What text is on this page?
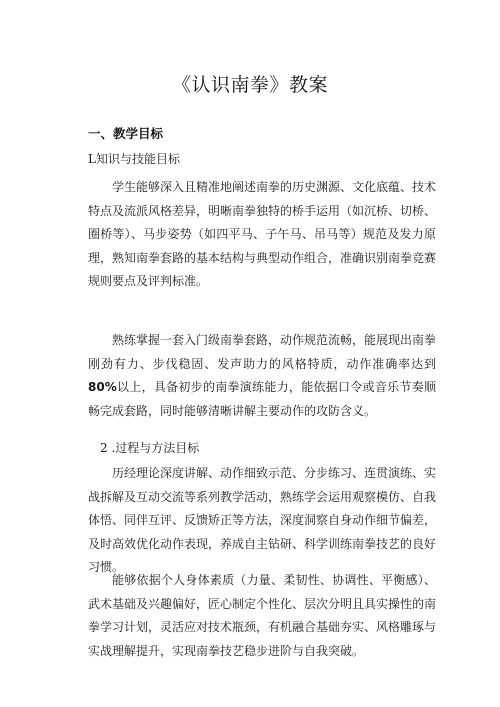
《认识南拳》教案
一、教学目标
L知识与技能目标

学生能够深入且精准地阐述南拳的历史渊源、文化底蕴、技术特点及流派风格差异，明晰南拳独特的桥手运用（如沉桥、切桥、圈桥等）、马步姿势（如四平马、子午马、吊马等）规范及发力原理，熟知南拳套路的基本结构与典型动作组合，准确识别南拳竞赛规则要点及评判标准。

熟练掌握一套入门级南拳套路，动作规范流畅，能展现出南拳刚劲有力、步伐稳固、发声助力的风格特质，动作准确率达到80%以上，具备初步的南拳演练能力，能依据口令或音乐节奏顺畅完成套路，同时能够清晰讲解主要动作的攻防含义。

2 .过程与方法目标

历经理论深度讲解、动作细致示范、分步练习、连贯演练、实战拆解及互动交流等系列教学活动，熟练学会运用观察模仿、自我体悟、同伴互评、反馈矫正等方法，深度洞察自身动作细节偏差，及时高效优化动作表现，养成自主钻研、科学训练南拳技艺的良好习惯。

能够依据个人身体素质（力量、柔韧性、协调性、平衡感）、武术基础及兴趣偏好，匠心制定个性化、层次分明且具实操性的南拳学习计划，灵活应对技术瓶颈，有机融合基础夯实、风格雕琢与实战理解提升，实现南拳技艺稳步进阶与自我突破。
